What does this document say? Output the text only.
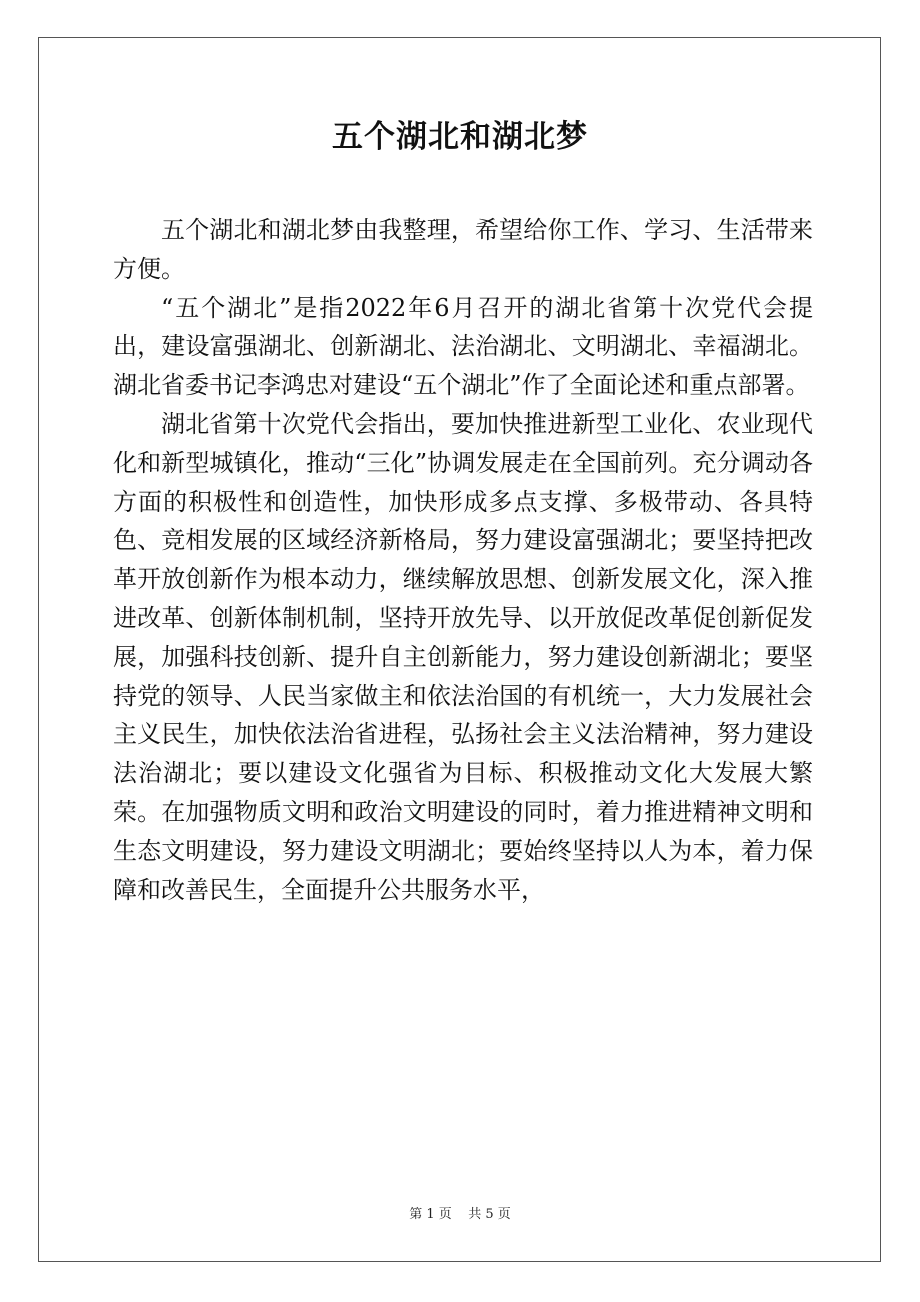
五个湖北和湖北梦

五个湖北和湖北梦由我整理，希望给你工作、学习、生活带来方便。

“五个湖北”是指2022年6月召开的湖北省第十次党代会提出，建设富强湖北、创新湖北、法治湖北、文明湖北、幸福湖北。湖北省委书记李鸿忠对建设“五个湖北”作了全面论述和重点部署。

湖北省第十次党代会指出，要加快推进新型工业化、农业现代化和新型城镇化，推动“三化”协调发展走在全国前列。充分调动各方面的积极性和创造性，加快形成多点支撑、多极带动、各具特色、竞相发展的区域经济新格局，努力建设富强湖北；要坚持把改革开放创新作为根本动力，继续解放思想、创新发展文化，深入推进改革、创新体制机制，坚持开放先导、以开放促改革促创新促发展，加强科技创新、提升自主创新能力，努力建设创新湖北；要坚持党的领导、人民当家做主和依法治国的有机统一，大力发展社会主义民生，加快依法治省进程，弘扬社会主义法治精神，努力建设法治湖北；要以建设文化强省为目标、积极推动文化大发展大繁荣。在加强物质文明和政治文明建设的同时，着力推进精神文明和生态文明建设，努力建设文明湖北；要始终坚持以人为本，着力保障和改善民生，全面提升公共服务水平，

第 1 页    共 5 页
